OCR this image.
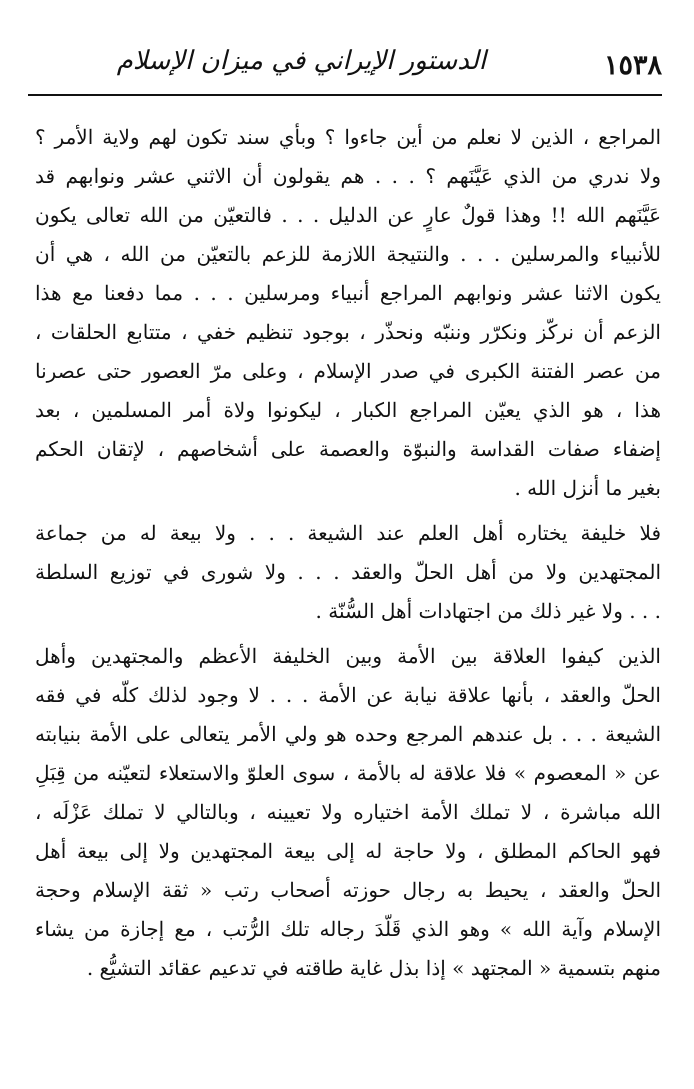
١٥٣٨
الدستور الإيراني في ميزان الإسلام
المراجع ، الذين لا نعلم من أين جاءوا ؟ وبأي سند تكون لهم ولاية الأمر ؟
ولا ندري من الذي عَيَّنَهم ؟ . . . هم يقولون أن الاثني عشر ونوابهم قد
عَيَّنَهم الله !! وهذا قولٌ عارٍ عن الدليل . . . فالتعيّن من الله تعالى يكون
للأنبياء والمرسلين . . . والنتيجة اللازمة للزعم بالتعيّن من الله ، هي أن
يكون الاثنا عشر ونوابهم المراجع أنبياء ومرسلين . . . مما دفعنا مع هذا
الزعم أن نركّز ونكرّر وننبّه ونحذّر ، بوجود تنظيم خفي ، متتابع الحلقات ،
من عصر الفتنة الكبرى في صدر الإسلام ، وعلى مرّ العصور حتى عصرنا
هذا ، هو الذي يعيّن المراجع الكبار ، ليكونوا ولاة أمر المسلمين ، بعد
إضفاء صفات القداسة والنبوّة والعصمة على أشخاصهم ، لإتقان الحكم
بغير ما أنزل الله .
فلا خليفة يختاره أهل العلم عند الشيعة . . . ولا بيعة له من جماعة
المجتهدين ولا من أهل الحلّ والعقد . . . ولا شورى في توزيع السلطة
. . . ولا غير ذلك من اجتهادات أهل السُّنّة .
الذين كيفوا العلاقة بين الأمة وبين الخليفة الأعظم والمجتهدين وأهل
الحلّ والعقد ، بأنها علاقة نيابة عن الأمة . . . لا وجود لذلك كلّه في فقه
الشيعة . . . بل عندهم المرجع وحده هو ولي الأمر يتعالى على الأمة بنيابته
عن « المعصوم » فلا علاقة له بالأمة ، سوى العلوّ والاستعلاء لتعيّنه من قِبَلِ
الله مباشرة ، لا تملك الأمة اختياره ولا تعيينه ، وبالتالي لا تملك عَزْلَه ،
فهو الحاكم المطلق ، ولا حاجة له إلى بيعة المجتهدين ولا إلى بيعة أهل
الحلّ والعقد ، يحيط به رجال حوزته أصحاب رتب « ثقة الإسلام وحجة
الإسلام وآية الله » وهو الذي قَلّدَ رجاله تلك الرُّتب ، مع إجازة من يشاء
منهم بتسمية « المجتهد » إذا بذل غاية طاقته في تدعيم عقائد التشيُّع .
